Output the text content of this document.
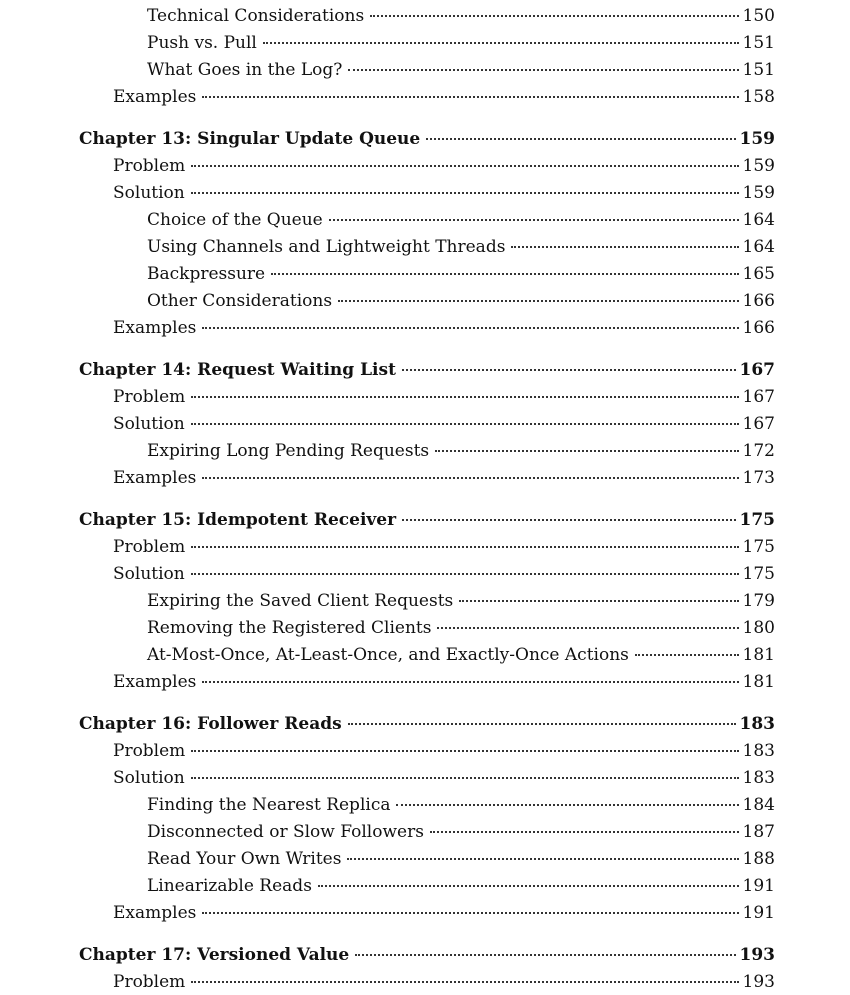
Technical Considerations	150
Push vs. Pull	151
What Goes in the Log?	151
Examples	158
Chapter 13: Singular Update Queue	159
Problem	159
Solution	159
Choice of the Queue	164
Using Channels and Lightweight Threads	164
Backpressure	165
Other Considerations	166
Examples	166
Chapter 14: Request Waiting List	167
Problem	167
Solution	167
Expiring Long Pending Requests	172
Examples	173
Chapter 15: Idempotent Receiver	175
Problem	175
Solution	175
Expiring the Saved Client Requests	179
Removing the Registered Clients	180
At-Most-Once, At-Least-Once, and Exactly-Once Actions	181
Examples	181
Chapter 16: Follower Reads	183
Problem	183
Solution	183
Finding the Nearest Replica	184
Disconnected or Slow Followers	187
Read Your Own Writes	188
Linearizable Reads	191
Examples	191
Chapter 17: Versioned Value	193
Problem	193
